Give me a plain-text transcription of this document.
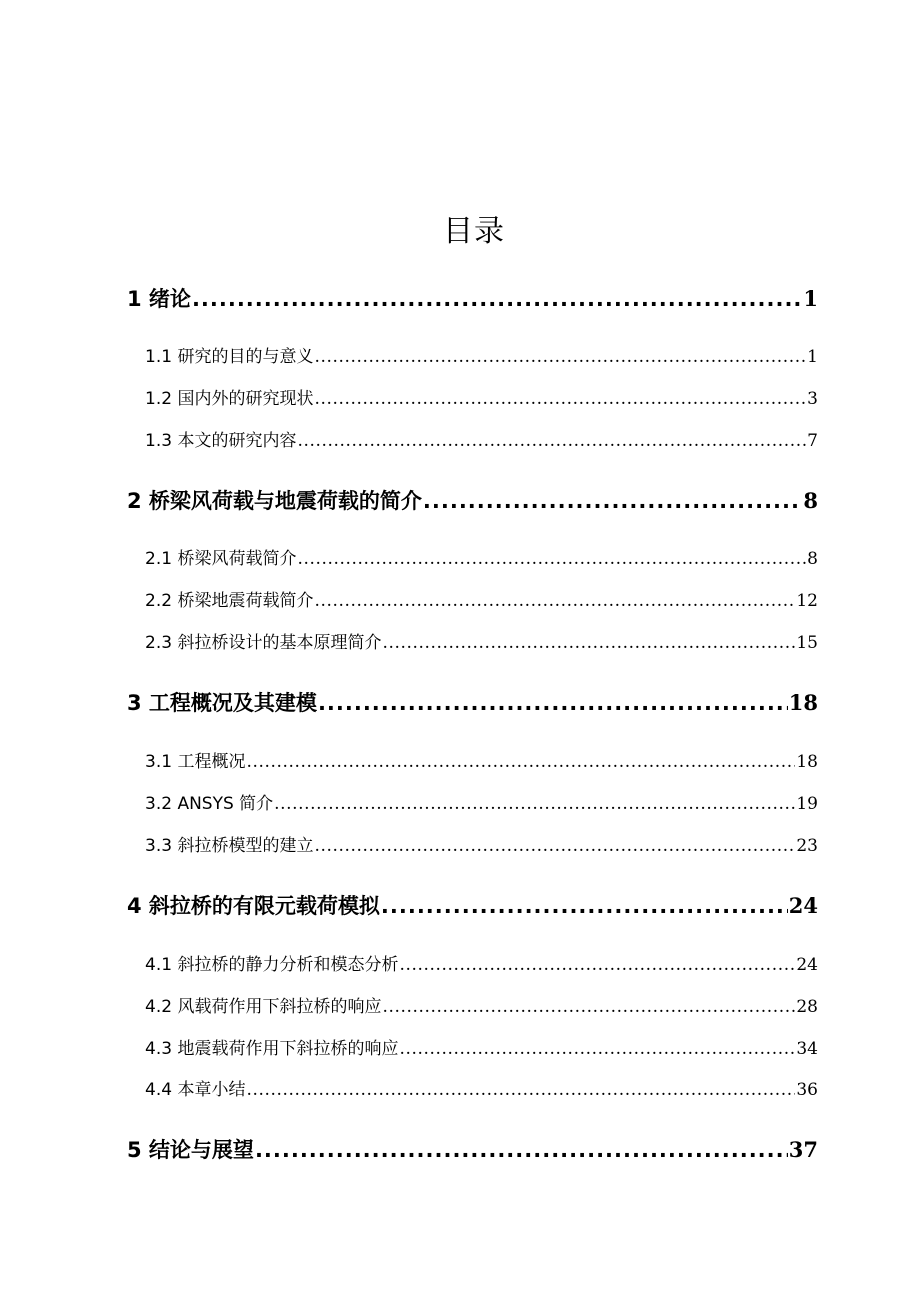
目录
1 绪论 .....	1
1.1 研究的目的与意义 .....	1
1.2 国内外的研究现状 .....	3
1.3 本文的研究内容 .....	7
2 桥梁风荷载与地震荷载的简介 .....	8
2.1 桥梁风荷载简介 .....	8
2.2 桥梁地震荷载简介 .....	12
2.3 斜拉桥设计的基本原理简介 .....	15
3 工程概况及其建模 .....	18
3.1 工程概况 .....	18
3.2 ANSYS 简介 .....	19
3.3 斜拉桥模型的建立 .....	23
4 斜拉桥的有限元载荷模拟 .....	24
4.1 斜拉桥的静力分析和模态分析 .....	24
4.2 风载荷作用下斜拉桥的响应 .....	28
4.3 地震载荷作用下斜拉桥的响应 .....	34
4.4 本章小结 .....	36
5 结论与展望 .....	37
